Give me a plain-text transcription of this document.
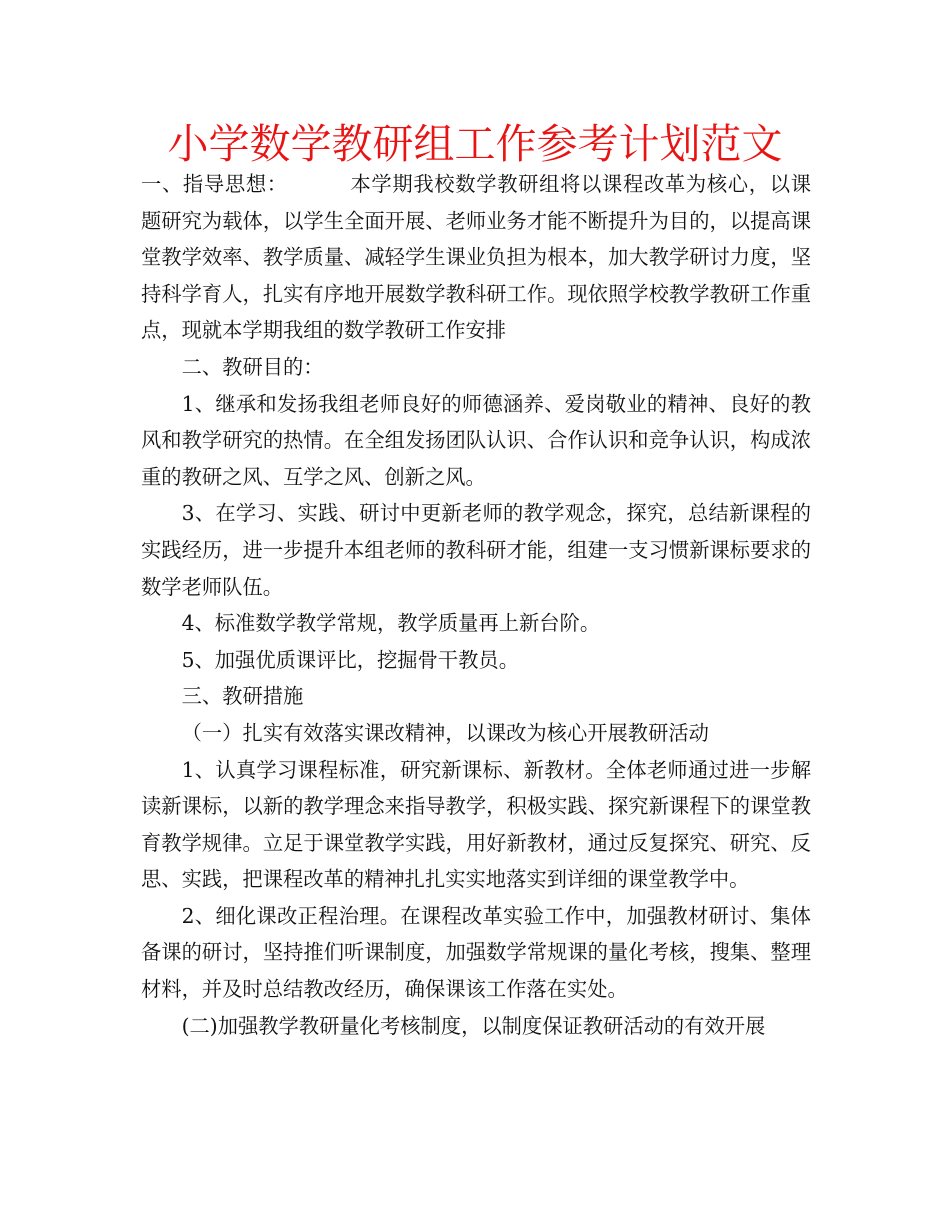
小学数学教研组工作参考计划范文

一、指导思想：	本学期我校数学教研组将以课程改革为核心，以课题研究为载体，以学生全面开展、老师业务才能不断提升为目的，以提高课堂教学效率、教学质量、减轻学生课业负担为根本，加大教学研讨力度，坚持科学育人，扎实有序地开展数学教科研工作。现依照学校教学教研工作重点，现就本学期我组的数学教研工作安排

二、教研目的：

1、继承和发扬我组老师良好的师德涵养、爱岗敬业的精神、良好的教风和教学研究的热情。在全组发扬团队认识、合作认识和竞争认识，构成浓重的教研之风、互学之风、创新之风。

3、在学习、实践、研讨中更新老师的教学观念，探究，总结新课程的实践经历，进一步提升本组老师的教科研才能，组建一支习惯新课标要求的数学老师队伍。

4、标准数学教学常规，教学质量再上新台阶。

5、加强优质课评比，挖掘骨干教员。

三、教研措施

（一）扎实有效落实课改精神，以课改为核心开展教研活动

1、认真学习课程标准，研究新课标、新教材。全体老师通过进一步解读新课标，以新的教学理念来指导教学，积极实践、探究新课程下的课堂教育教学规律。立足于课堂教学实践，用好新教材，通过反复探究、研究、反思、实践，把课程改革的精神扎扎实实地落实到详细的课堂教学中。

2、细化课改正程治理。在课程改革实验工作中，加强教材研讨、集体备课的研讨，坚持推们听课制度，加强数学常规课的量化考核，搜集、整理材料，并及时总结教改经历，确保课该工作落在实处。

(二)加强教学教研量化考核制度，以制度保证教研活动的有效开展
